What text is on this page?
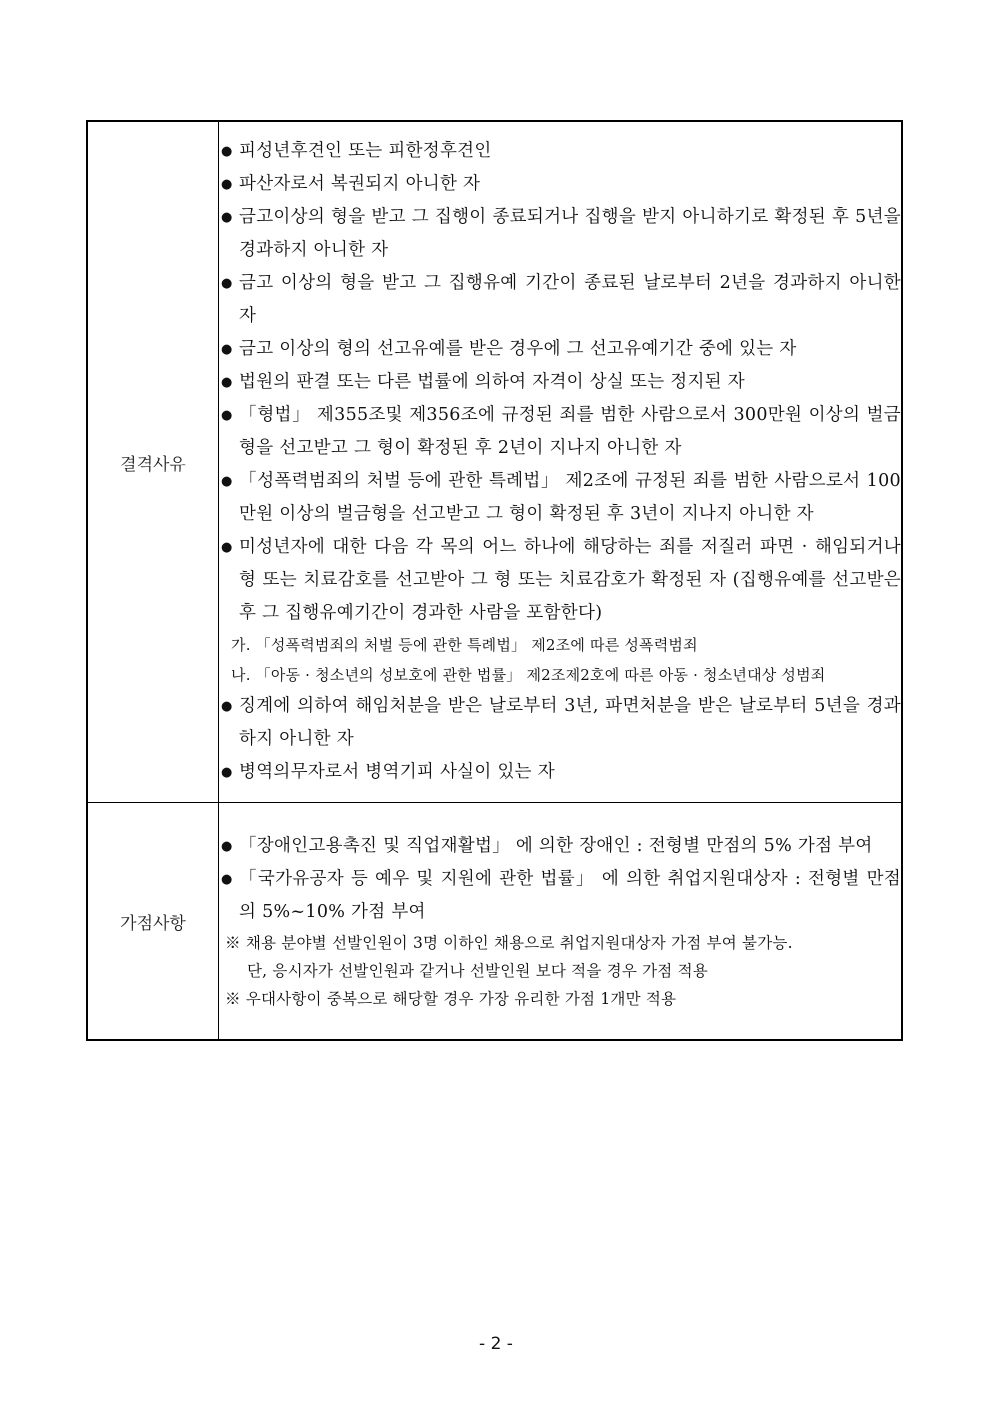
결격사유	
● 피성년후견인 또는 피한정후견인
● 파산자로서 복권되지 아니한 자
● 금고이상의 형을 받고 그 집행이 종료되거나 집행을 받지 아니하기로 확정된 후 5년을 경과하지 아니한 자
● 금고 이상의 형을 받고 그 집행유예 기간이 종료된 날로부터 2년을 경과하지 아니한 자
● 금고 이상의 형의 선고유예를 받은 경우에 그 선고유예기간 중에 있는 자
● 법원의 판결 또는 다른 법률에 의하여 자격이 상실 또는 정지된 자
● 「형법」 제355조및 제356조에 규정된 죄를 범한 사람으로서 300만원 이상의 벌금형을 선고받고 그 형이 확정된 후 2년이 지나지 아니한 자
● 「성폭력범죄의 처벌 등에 관한 특례법」 제2조에 규정된 죄를 범한 사람으로서 100만원 이상의 벌금형을 선고받고 그 형이 확정된 후 3년이 지나지 아니한 자
● 미성년자에 대한 다음 각 목의 어느 하나에 해당하는 죄를 저질러 파면 · 해임되거나 형 또는 치료감호를 선고받아 그 형 또는 치료감호가 확정된 자 (집행유예를 선고받은 후 그 집행유예기간이 경과한 사람을 포함한다)
가. 「성폭력범죄의 처벌 등에 관한 특례법」 제2조에 따른 성폭력범죄
나. 「아동 · 청소년의 성보호에 관한 법률」 제2조제2호에 따른 아동 · 청소년대상 성범죄
● 징계에 의하여 해임처분을 받은 날로부터 3년, 파면처분을 받은 날로부터 5년을 경과하지 아니한 자
● 병역의무자로서 병역기피 사실이 있는 자

가점사항	
● 「장애인고용촉진 및 직업재활법」 에 의한 장애인 : 전형별 만점의 5% 가점 부여
● 「국가유공자 등 예우 및 지원에 관한 법률」 에 의한 취업지원대상자 : 전형별 만점의 5%~10% 가점 부여
※ 채용 분야별 선발인원이 3명 이하인 채용으로 취업지원대상자 가점 부여 불가능.
단, 응시자가 선발인원과 같거나 선발인원 보다 적을 경우 가점 적용
※ 우대사항이 중복으로 해당할 경우 가장 유리한 가점 1개만 적용
- 2 -
